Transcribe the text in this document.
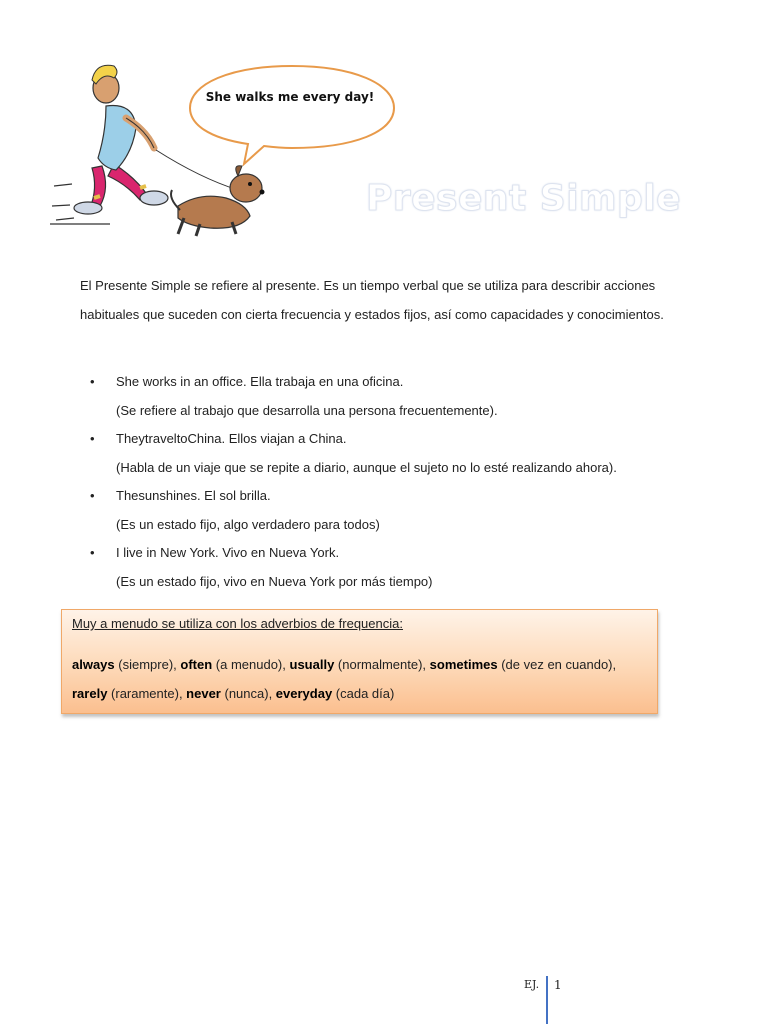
She walks me every day!
Present Simple
El Presente Simple se refiere al presente. Es un tiempo verbal que se utiliza para describir acciones habituales que suceden con cierta frecuencia y estados fijos, así como capacidades y conocimientos.
• She works in an office. Ella trabaja en una oficina.
(Se refiere al trabajo que desarrolla una persona frecuentemente).
• TheytraveltoChina. Ellos viajan a China.
(Habla de un viaje que se repite a diario, aunque el sujeto no lo esté realizando ahora).
• Thesunshines. El sol brilla.
(Es un estado fijo, algo verdadero para todos)
• I live in New York. Vivo en Nueva York.
(Es un estado fijo, vivo en Nueva York por más tiempo)
Muy a menudo se utiliza con los adverbios de frequencia:
always (siempre), often (a menudo), usually (normalmente), sometimes (de vez en cuando),
rarely (raramente), never (nunca), everyday (cada día)
EJ. 1
